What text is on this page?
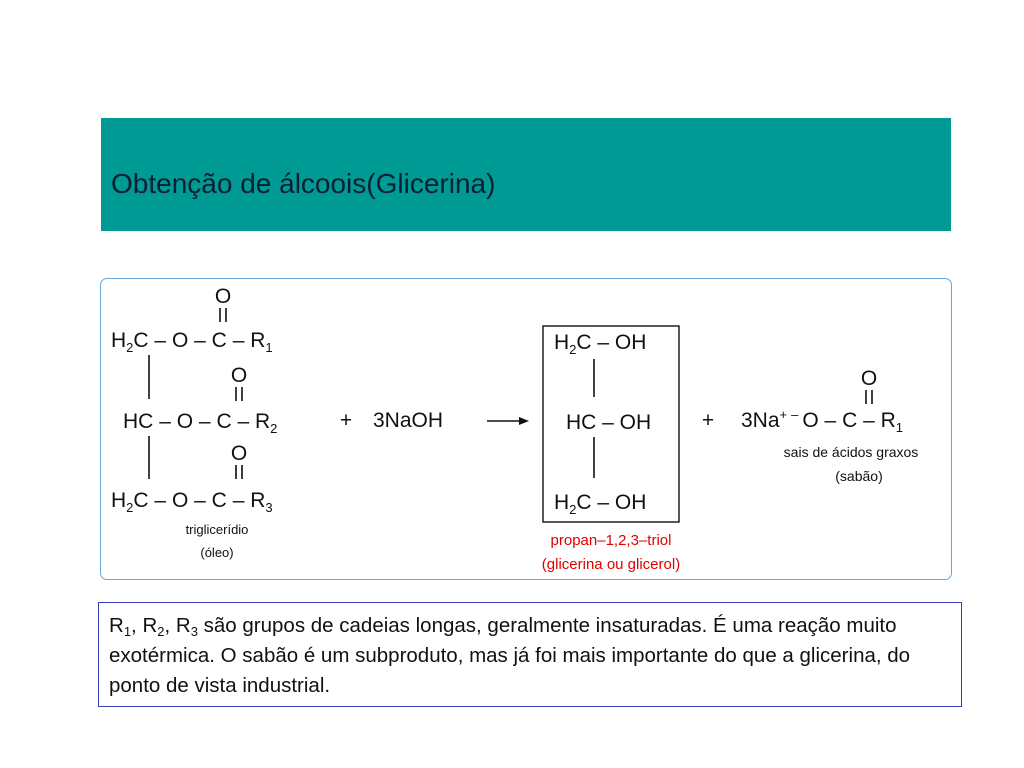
Obtenção de álcoois(Glicerina)
O
$H_2C$ – O – C – $R_1$
O
HC – O – C – $R_2$
O
$H_2C$ – O – C – $R_3$
triglicerídio
(óleo)
+ 3NaOH
$H_2C$ – OH
HC – OH
$H_2C$ – OH
propan–1,2,3–triol
(glicerina ou glicerol)
+
O
3Na+ – O – C – $R_1$
sais de ácidos graxos
(sabão)
$R_1$, $R_2$, $R_3$ são grupos de cadeias longas, geralmente insaturadas. É uma reação muito exotérmica. O sabão é um subproduto, mas já foi mais importante do que a glicerina, do ponto de vista industrial.
